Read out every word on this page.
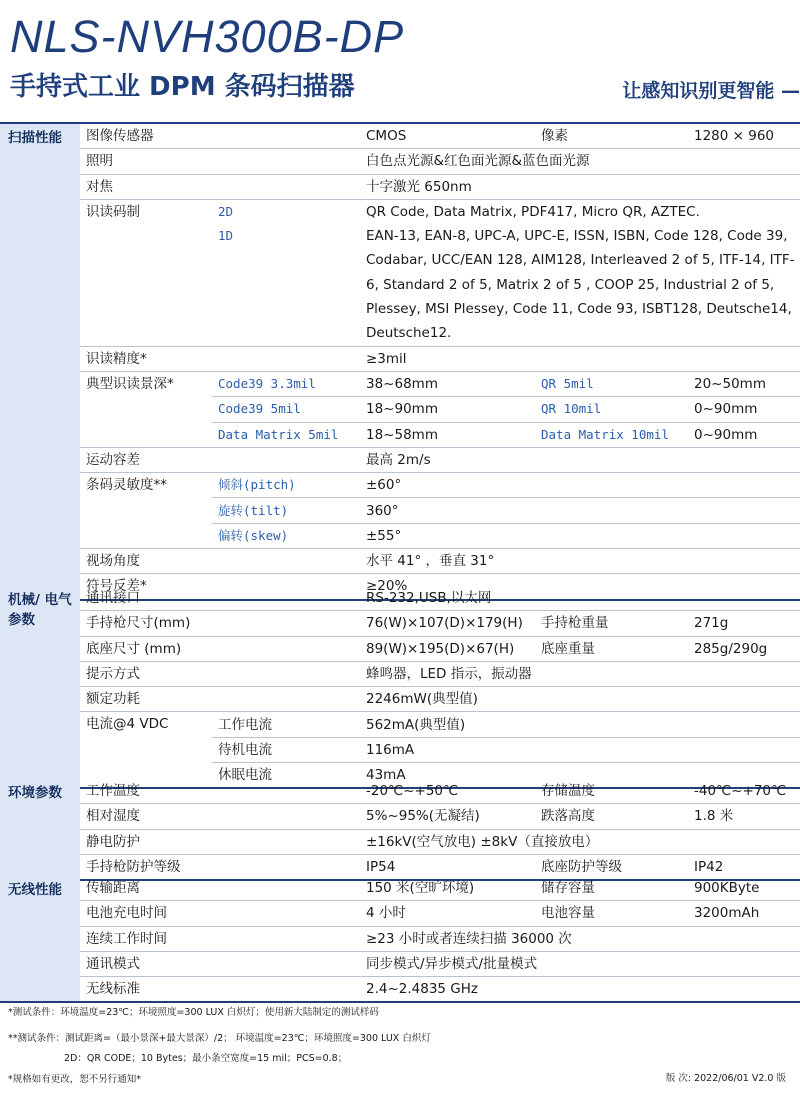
NLS-NVH300B-DP
手持式工业 DPM 条码扫描器	让感知识别更智能 —
扫描性能	图像传感器		CMOS	像素	1280 × 960
	照明		白色点光源&红色面光源&蓝色面光源		
	对焦		十字激光 650nm		
	识读码制	2D	QR Code, Data Matrix, PDF417, Micro QR, AZTEC.		
		1D	EAN-13, EAN-8, UPC-A, UPC-E, ISSN, ISBN, Code 128, Code 39, Codabar, UCC/EAN 128, AIM128, Interleaved 2 of 5, ITF-14, ITF-6, Standard 2 of 5, Matrix 2 of 5 , COOP 25, Industrial 2 of 5, Plessey, MSI Plessey, Code 11, Code 93, ISBT128, Deutsche14, Deutsche12.		
	识读精度*		≥3mil		
	典型识读景深*	Code39 3.3mil	38~68mm	QR 5mil	20~50mm
		Code39 5mil	18~90mm	QR 10mil	0~90mm
		Data Matrix 5mil	18~58mm	Data Matrix 10mil	0~90mm
	运动容差		最高 2m/s		
	条码灵敏度**	倾斜(pitch)	±60°		
		旋转(tilt)	360°		
		偏转(skew)	±55°		
	视场角度		水平 41° ，垂直 31°		
	符号反差*		≥20%		
机械/ 电气参数	通讯接口		RS-232,USB,以太网		
	手持枪尺寸(mm)		76(W)×107(D)×179(H)	手持枪重量	271g
	底座尺寸 (mm)		89(W)×195(D)×67(H)	底座重量	285g/290g
	提示方式		蜂鸣器，LED 指示，振动器		
	额定功耗		2246mW(典型值)		
	电流@4 VDC	工作电流	562mA(典型值)		
		待机电流	116mA		
		休眠电流	43mA		
环境参数	工作温度	-20℃~+50℃	存储温度	-40℃~+70℃
	相对湿度	5%~95%(无凝结)	跌落高度	1.8 米
	静电防护	±16kV(空气放电) ±8kV（直接放电）		
	手持枪防护等级	IP54	底座防护等级	IP42
无线性能	传输距离	150 米(空旷环境)	储存容量	900KByte
	电池充电时间	4 小时	电池容量	3200mAh
	连续工作时间	≥23 小时或者连续扫描 36000 次		
	通讯模式	同步模式/异步模式/批量模式		
	无线标准	2.4~2.4835 GHz		
*测试条件：环境温度=23℃；环境照度=300 LUX 白炽灯；使用新大陆制定的测试样码
**测试条件：测试距离=（最小景深+最大景深）/2； 环境温度=23℃；环境照度=300 LUX 白炽灯
2D：QR CODE；10 Bytes；最小条空宽度=15 mil；PCS=0.8；
*规格如有更改，恕不另行通知*	版 次: 2022/06/01 V2.0 版
